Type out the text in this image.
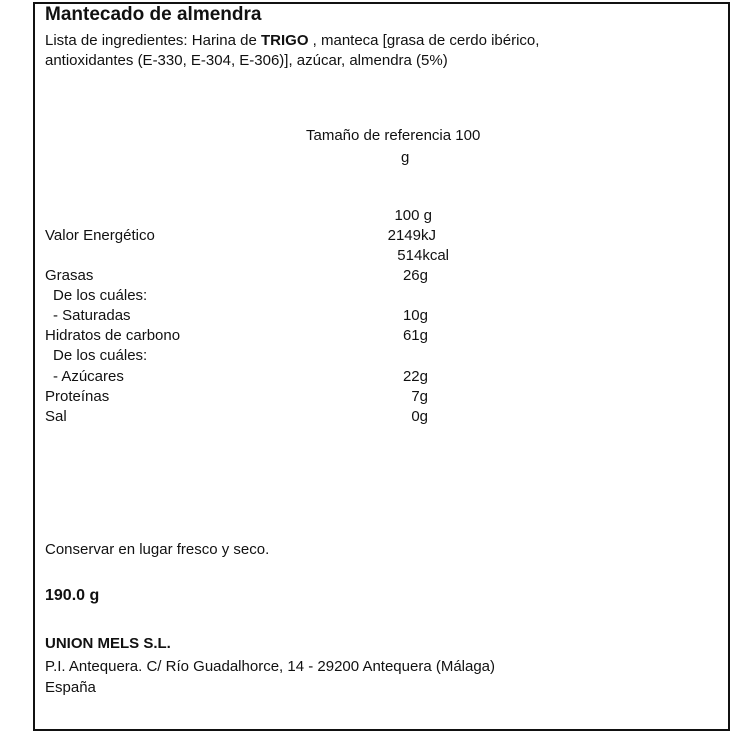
Mantecado de almendra
Lista de ingredientes: Harina de TRIGO , manteca [grasa de cerdo ibérico,
antioxidantes (E-330, E-304, E-306)], azúcar, almendra (5%)
Tamaño de referencia 100
g
100 g
Valor Energético	2149kJ
514kcal
Grasas	26g
De los cuáles:
- Saturadas	10g
Hidratos de carbono	61g
De los cuáles:
- Azúcares	22g
Proteínas	7g
Sal	0g
Conservar en lugar fresco y seco.
190.0 g
UNION MELS S.L.
P.I. Antequera. C/ Río Guadalhorce, 14 - 29200 Antequera (Málaga)
España
